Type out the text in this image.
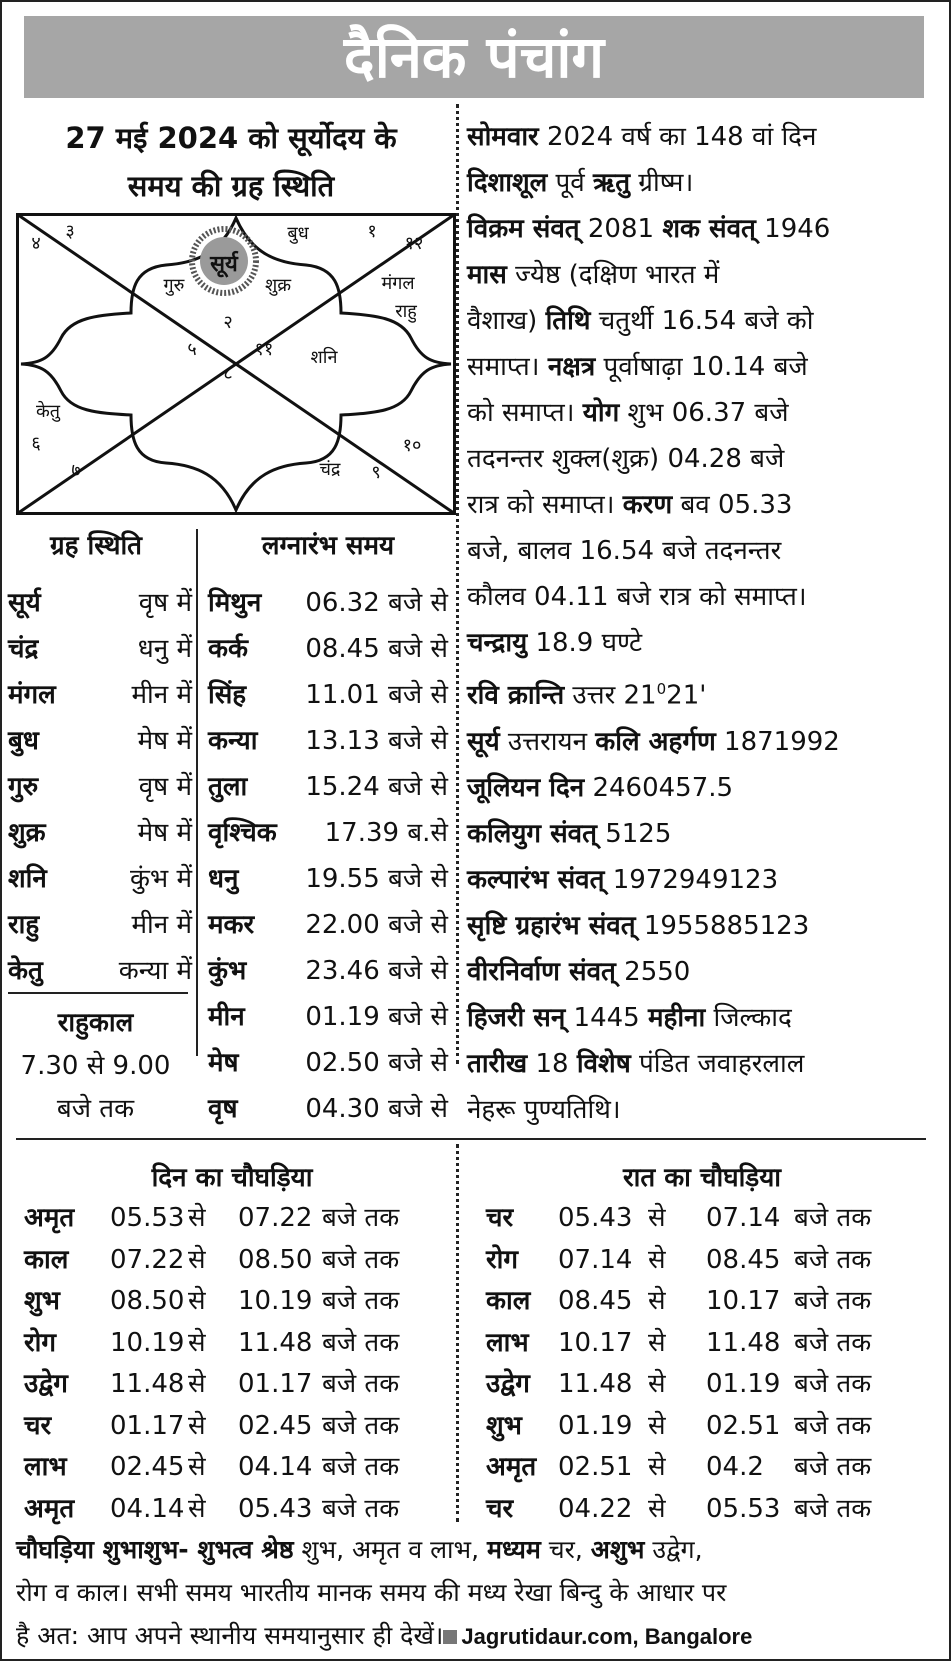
दैनिक पंचांग
27 मई 2024 को सूर्योदय के
समय की ग्रह स्थिति
सूर्य
गुरु	शुक्र
बुध
मंगल
राहु
शनि
केतु
चंद्र
१
२
३
४
५
६
७
८
९
१०
११
१२
सोमवार 2024 वर्ष का 148 वां दिन
दिशाशूल पूर्व ऋतु ग्रीष्म।
विक्रम संवत् 2081 शक संवत् 1946
मास ज्येष्ठ (दक्षिण भारत में
वैशाख) तिथि चतुर्थी 16.54 बजे को
समाप्त। नक्षत्र पूर्वाषाढ़ा 10.14 बजे
को समाप्त। योग शुभ 06.37 बजे
तदनन्तर शुक्ल(शुक्र) 04.28 बजे
रात्र को समाप्त। करण बव 05.33
बजे, बालव 16.54 बजे तदनन्तर
कौलव 04.11 बजे रात्र को समाप्त।
चन्द्रायु 18.9 घण्टे
रवि क्रान्ति उत्तर $21^021'$
सूर्य उत्तरायन कलि अहर्गण 1871992
जूलियन दिन 2460457.5
कलियुग संवत् 5125
कल्पारंभ संवत् 1972949123
सृष्टि ग्रहारंभ संवत् 1955885123
वीरनिर्वाण संवत् 2550
हिजरी सन् 1445 महीना जिल्काद
तारीख 18 विशेष पंडित जवाहरलाल
नेहरू पुण्यतिथि।
ग्रह स्थिति	लग्नारंभ समय
सूर्य	वृष में
चंद्र	धनु में
मंगल	मीन में
बुध	मेष में
गुरु	वृष में
शुक्र	मेष में
शनि	कुंभ में
राहु	मीन में
केतु	कन्या में
मिथुन 06.32 बजे से
कर्क 08.45 बजे से
सिंह 11.01 बजे से
कन्या 13.13 बजे से
तुला 15.24 बजे से
वृश्चिक 17.39 ब.से
धनु	19.55 बजे से
मकर 22.00 बजे से
कुंभ 23.46 बजे से
मीन 01.19 बजे से
मेष	02.50 बजे से
वृष	04.30 बजे से
राहुकाल
7.30 से 9.00
बजे तक
दिन का चौघड़िया	रात का चौघड़िया
अमृत 05.53 से 07.22 बजे तक
काल 07.22 से 08.50 बजे तक
शुभ 08.50 से 10.19 बजे तक
रोग 10.19 से 11.48 बजे तक
उद्वेग 11.48 से 01.17 बजे तक
चर 01.17 से 02.45 बजे तक
लाभ 02.45 से 04.14 बजे तक
अमृत 04.14 से 05.43 बजे तक
चर 05.43 से 07.14 बजे तक
रोग 07.14 से 08.45 बजे तक
काल 08.45 से 10.17 बजे तक
लाभ 10.17 से 11.48 बजे तक
उद्वेग 11.48 से 01.19 बजे तक
शुभ 01.19 से 02.51 बजे तक
अमृत 02.51 से 04.2 बजे तक
चर 04.22 से 05.53 बजे तक
चौघड़िया शुभाशुभ- शुभत्व श्रेष्ठ शुभ, अमृत व लाभ, मध्यम चर, अशुभ उद्वेग,
रोग व काल। सभी समय भारतीय मानक समय की मध्य रेखा बिन्दु के आधार पर
है अत: आप अपने स्थानीय समयानुसार ही देखें। Jagrutidaur.com, Bangalore
